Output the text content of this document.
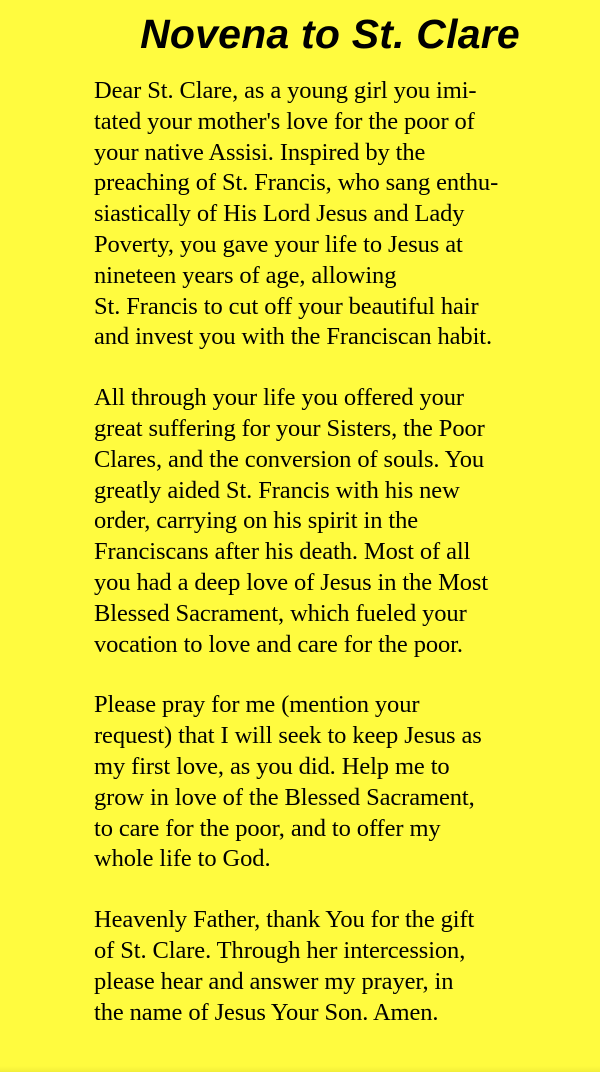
Novena to St. Clare

Dear St. Clare, as a young girl you imi-
tated your mother's love for the poor of
your native Assisi. Inspired by the
preaching of St. Francis, who sang enthu-
siastically of His Lord Jesus and Lady
Poverty, you gave your life to Jesus at
nineteen years of age, allowing
St. Francis to cut off your beautiful hair
and invest you with the Franciscan habit.

All through your life you offered your
great suffering for your Sisters, the Poor
Clares, and the conversion of souls. You
greatly aided St. Francis with his new
order, carrying on his spirit in the
Franciscans after his death. Most of all
you had a deep love of Jesus in the Most
Blessed Sacrament, which fueled your
vocation to love and care for the poor.

Please pray for me (mention your
request) that I will seek to keep Jesus as
my first love, as you did. Help me to
grow in love of the Blessed Sacrament,
to care for the poor, and to offer my
whole life to God.

Heavenly Father, thank You for the gift
of St. Clare. Through her intercession,
please hear and answer my prayer, in
the name of Jesus Your Son. Amen.
